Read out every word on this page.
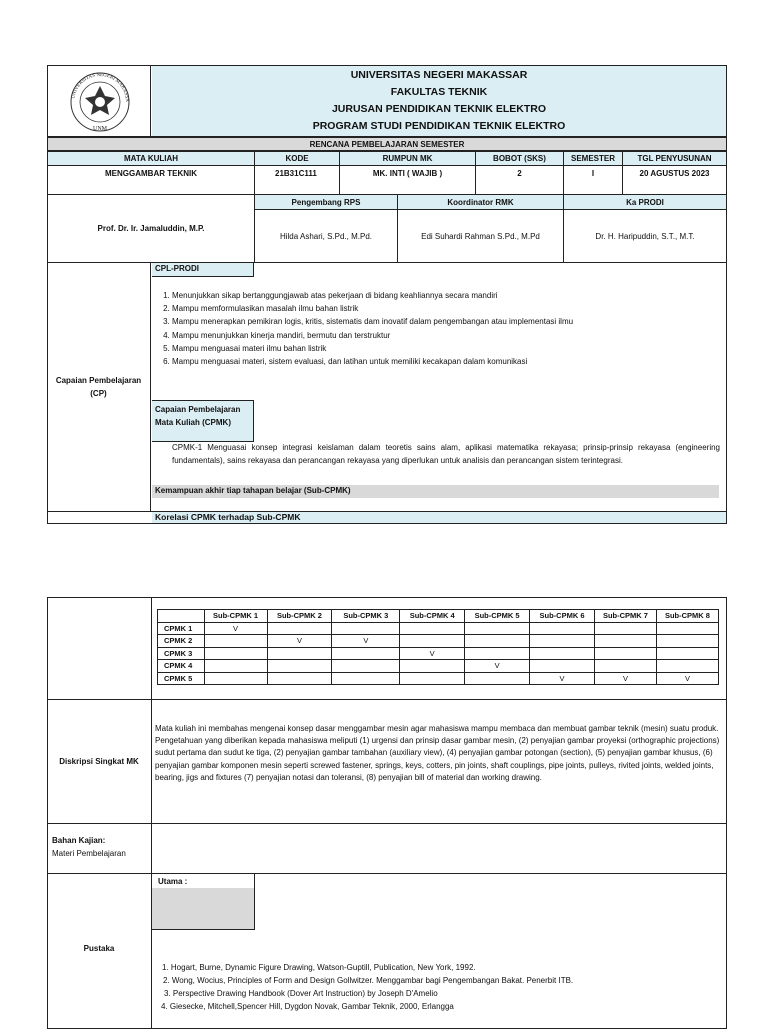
UNIVERSITAS NEGERI MAKASSA
UNM
UNIVERSITAS NEGERI MAKASSAR
FAKULTAS TEKNIK
JURUSAN PENDIDIKAN TEKNIK ELEKTRO
PROGRAM STUDI PENDIDIKAN TEKNIK ELEKTRO
RENCANA PEMBELAJARAN SEMESTER
MATA KULIAH	KODE	RUMPUN MK	BOBOT (SKS)	SEMESTER	TGL PENYUSUNAN
MENGGAMBAR TEKNIK	21B31C111	MK. INTI ( WAJIB )	2	I	20 AGUSTUS 2023
Prof. Dr. Ir. Jamaluddin, M.P.
Pengembang RPS	Koordinator RMK	Ka PRODI
Hilda Ashari, S.Pd., M.Pd.	Edi Suhardi Rahman S.Pd., M.Pd	Dr. H. Haripuddin, S.T., M.T.
Capaian Pembelajaran (CP)
CPL-PRODI
1. Menunjukkan sikap bertanggungjawab atas pekerjaan di bidang keahliannya secara mandiri
2. Mampu memformulasikan masalah ilmu bahan listrik
3. Mampu menerapkan pemikiran logis, kritis, sistematis dam inovatif dalam pengembangan atau implementasi ilmu
4. Mampu menunjukkan kinerja mandiri, bermutu dan terstruktur
5. Mampu menguasai materi ilmu bahan listrik
6. Mampu menguasai materi, sistem evaluasi, dan latihan untuk memiliki kecakapan dalam komunikasi
Capaian Pembelajaran Mata Kuliah (CPMK)
CPMK-1 Menguasai konsep integrasi keislaman dalam teoretis sains alam, aplikasi matematika rekayasa; prinsip-prinsip rekayasa (engineering fundamentals), sains rekayasa dan perancangan rekayasa yang diperlukan untuk analisis dan perancangan sistem terintegrasi.
Kemampuan akhir tiap tahapan belajar (Sub-CPMK)
Korelasi CPMK terhadap Sub-CPMK
	Sub-CPMK 1	Sub-CPMK 2	Sub-CPMK 3	Sub-CPMK 4	Sub-CPMK 5	Sub-CPMK 6	Sub-CPMK 7	Sub-CPMK 8
CPMK 1	V							
CPMK 2		V	V					
CPMK 3				V				
CPMK 4					V			
CPMK 5						V	V	V
Diskripsi Singkat MK
Mata kuliah ini membahas mengenai konsep dasar menggambar mesin agar mahasiswa mampu membaca dan membuat gambar teknik (mesin) suatu produk. Pengetahuan yang diberikan kepada mahasiswa meliputi (1) urgensi dan prinsip dasar gambar mesin, (2) penyajian gambar proyeksi (orthographic projections) sudut pertama dan sudut ke tiga, (2) penyajian gambar tambahan (auxiliary view), (4) penyajian gambar potongan (section), (5) penyajian gambar khusus, (6) penyajian gambar komponen mesin seperti screwed fastener, springs, keys, cotters, pin joints, shaft couplings, pipe joints, pulleys, rivited joints, welded joints, bearing, jigs and fixtures (7) penyajian notasi dan toleransi, (8) penyajian bill of material dan working drawing.
Bahan Kajian:
Materi Pembelajaran
Pustaka
Utama :
1. Hogart, Burne, Dynamic Figure Drawing, Watson-Guptill, Publication, New York, 1992.
2. Wong, Wocius, Principles of Form and Design Gollwitzer. Menggambar bagi Pengembangan Bakat. Penerbit ITB.
3. Perspective Drawing Handbook (Dover Art Instruction) by Joseph D'Amelio
4. Giesecke, Mitchell,Spencer Hill, Dygdon Novak, Gambar Teknik, 2000, Erlangga
